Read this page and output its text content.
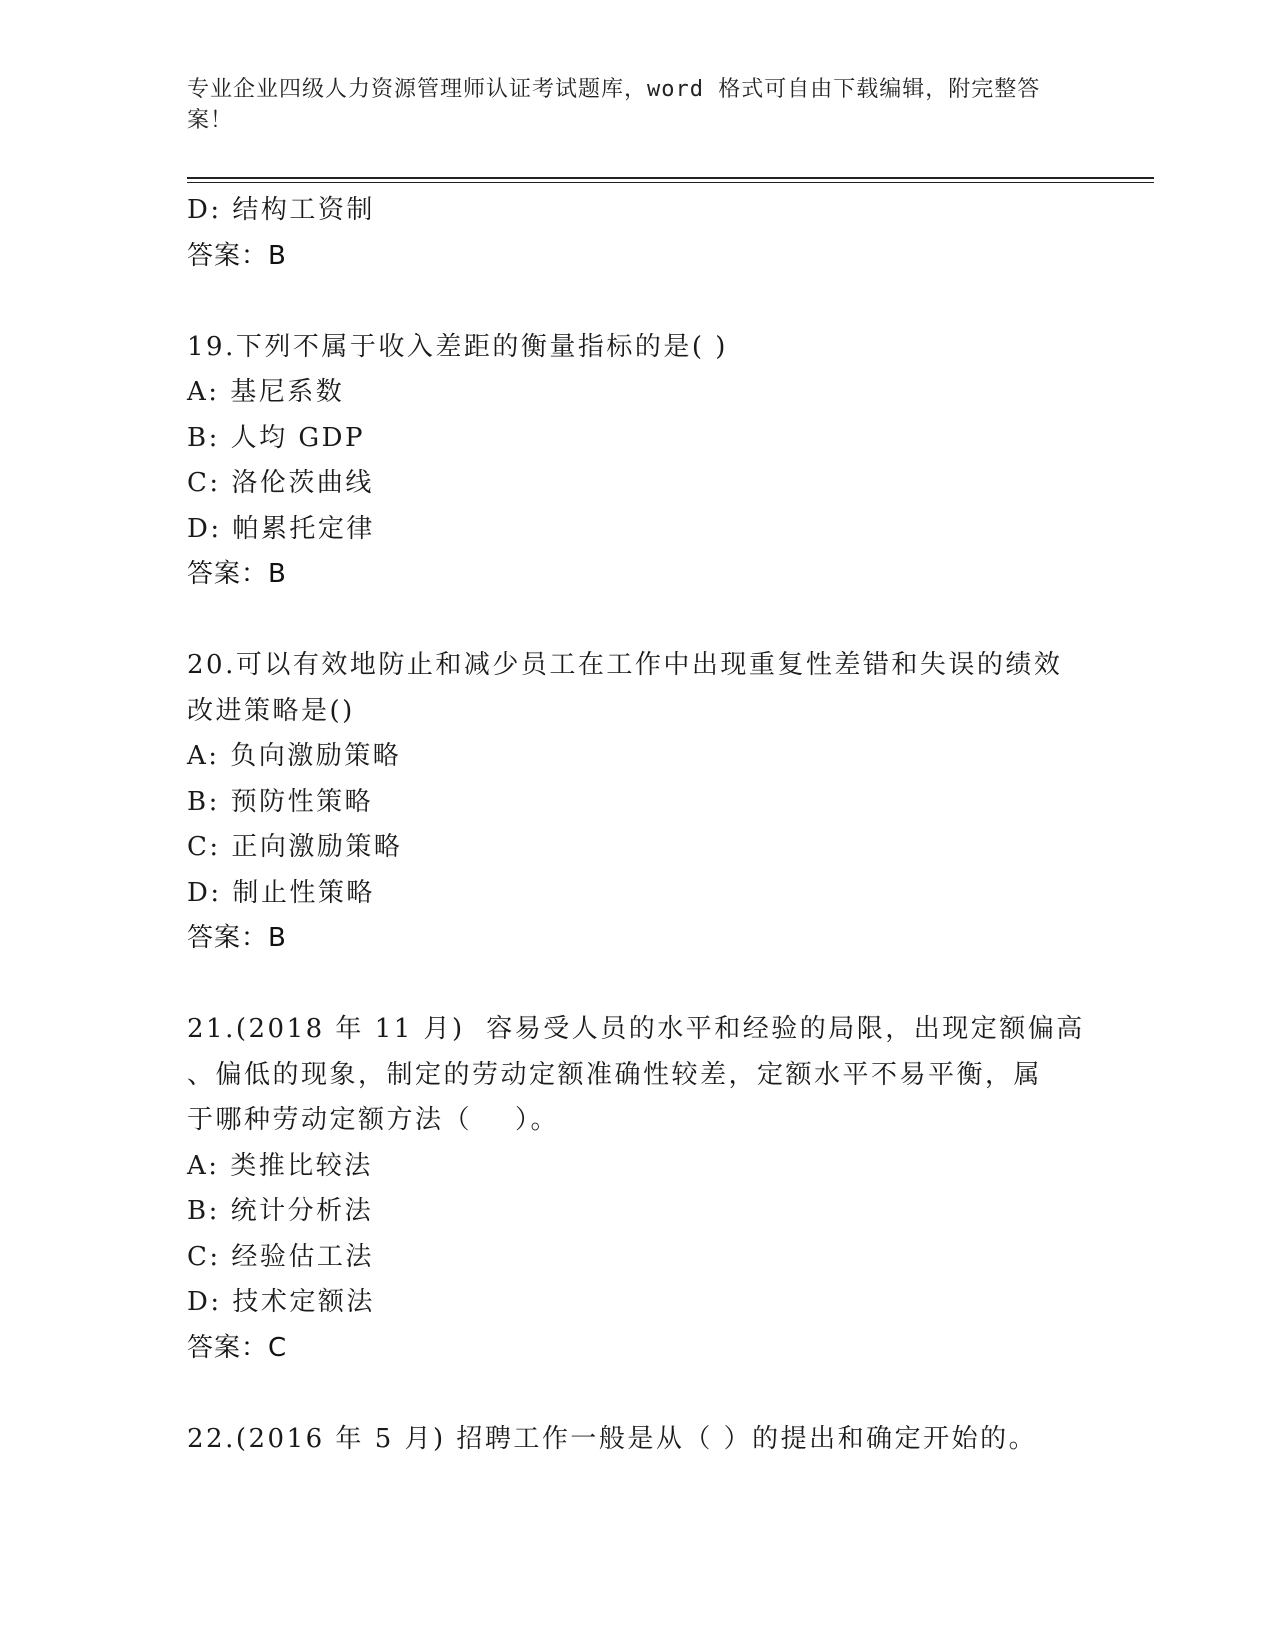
专业企业四级人力资源管理师认证考试题库，word 格式可自由下载编辑，附完整答案！
D: 结构工资制
答案：B
19.下列不属于收入差距的衡量指标的是( )
A: 基尼系数
B: 人均 GDP
C: 洛伦茨曲线
D: 帕累托定律
答案：B
20.可以有效地防止和减少员工在工作中出现重复性差错和失误的绩效
改进策略是()
A: 负向激励策略
B: 预防性策略
C: 正向激励策略
D: 制止性策略
答案：B
21.(2018 年 11 月)  容易受人员的水平和经验的局限，出现定额偏高
、偏低的现象，制定的劳动定额准确性较差，定额水平不易平衡，属
于哪种劳动定额方法（    ）。
A: 类推比较法
B: 统计分析法
C: 经验估工法
D: 技术定额法
答案：C
22.(2016 年 5 月) 招聘工作一般是从（ ）的提出和确定开始的。
